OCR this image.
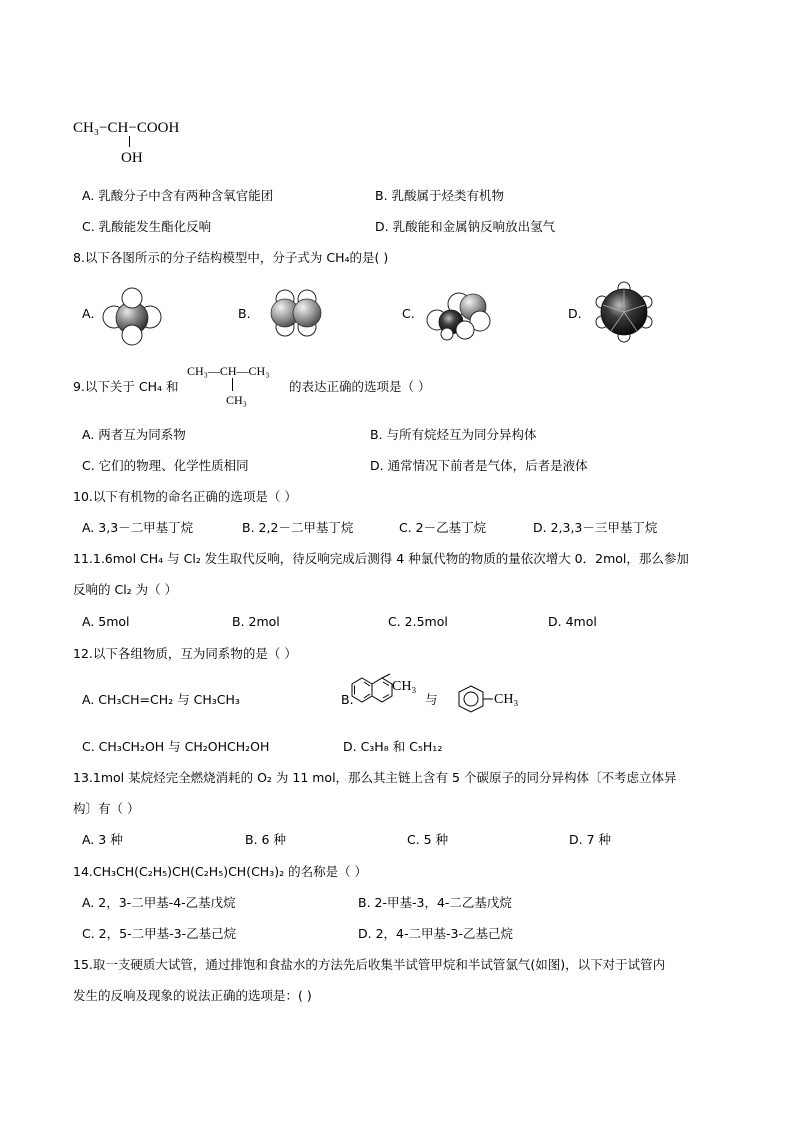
CH₃−CH−COOH
OH
A. 乳酸分子中含有两种含氧官能团	B. 乳酸属于烃类有机物
C. 乳酸能发生酯化反响	D. 乳酸能和金属钠反响放出氢气
8.以下各图所示的分子结构模型中，分子式为 CH₄的是( )
A.	B.	C.	D.
9.以下关于 CH₄ 和
CH₃—CH—CH₃
CH₃
的表达正确的选项是（ ）
A. 两者互为同系物	B. 与所有烷烃互为同分异构体
C. 它们的物理、化学性质相同	D. 通常情况下前者是气体，后者是液体
10.以下有机物的命名正确的选项是（ ）
A. 3,3－二甲基丁烷	B. 2,2－二甲基丁烷	C. 2－乙基丁烷	D. 2,3,3－三甲基丁烷
11.1.6mol CH₄ 与 Cl₂ 发生取代反响，待反响完成后测得 4 种氯代物的物质的量依次增大 0．2mol，那么参加
反响的 Cl₂ 为（ ）
A. 5mol	B. 2mol	C. 2.5mol	D. 4mol
12.以下各组物质，互为同系物的是（ ）
A. CH₃CH=CH₂ 与 CH₃CH₃	B.
CH₃
与	CH₃
C. CH₃CH₂OH 与 CH₂OHCH₂OH	D. C₃H₈ 和 C₅H₁₂
13.1mol 某烷烃完全燃烧消耗的 O₂ 为 11 mol，那么其主链上含有 5 个碳原子的同分异构体〔不考虑立体异
构〕有（ ）
A. 3 种	B. 6 种	C. 5 种	D. 7 种
14.CH₃CH(C₂H₅)CH(C₂H₅)CH(CH₃)₂ 的名称是（ ）
A. 2，3-二甲基-4-乙基戊烷	B. 2-甲基-3，4-二乙基戊烷
C. 2，5-二甲基-3-乙基己烷	D. 2，4-二甲基-3-乙基己烷
15.取一支硬质大试管，通过排饱和食盐水的方法先后收集半试管甲烷和半试管氯气(如图)，以下对于试管内
发生的反响及现象的说法正确的选项是：( )
